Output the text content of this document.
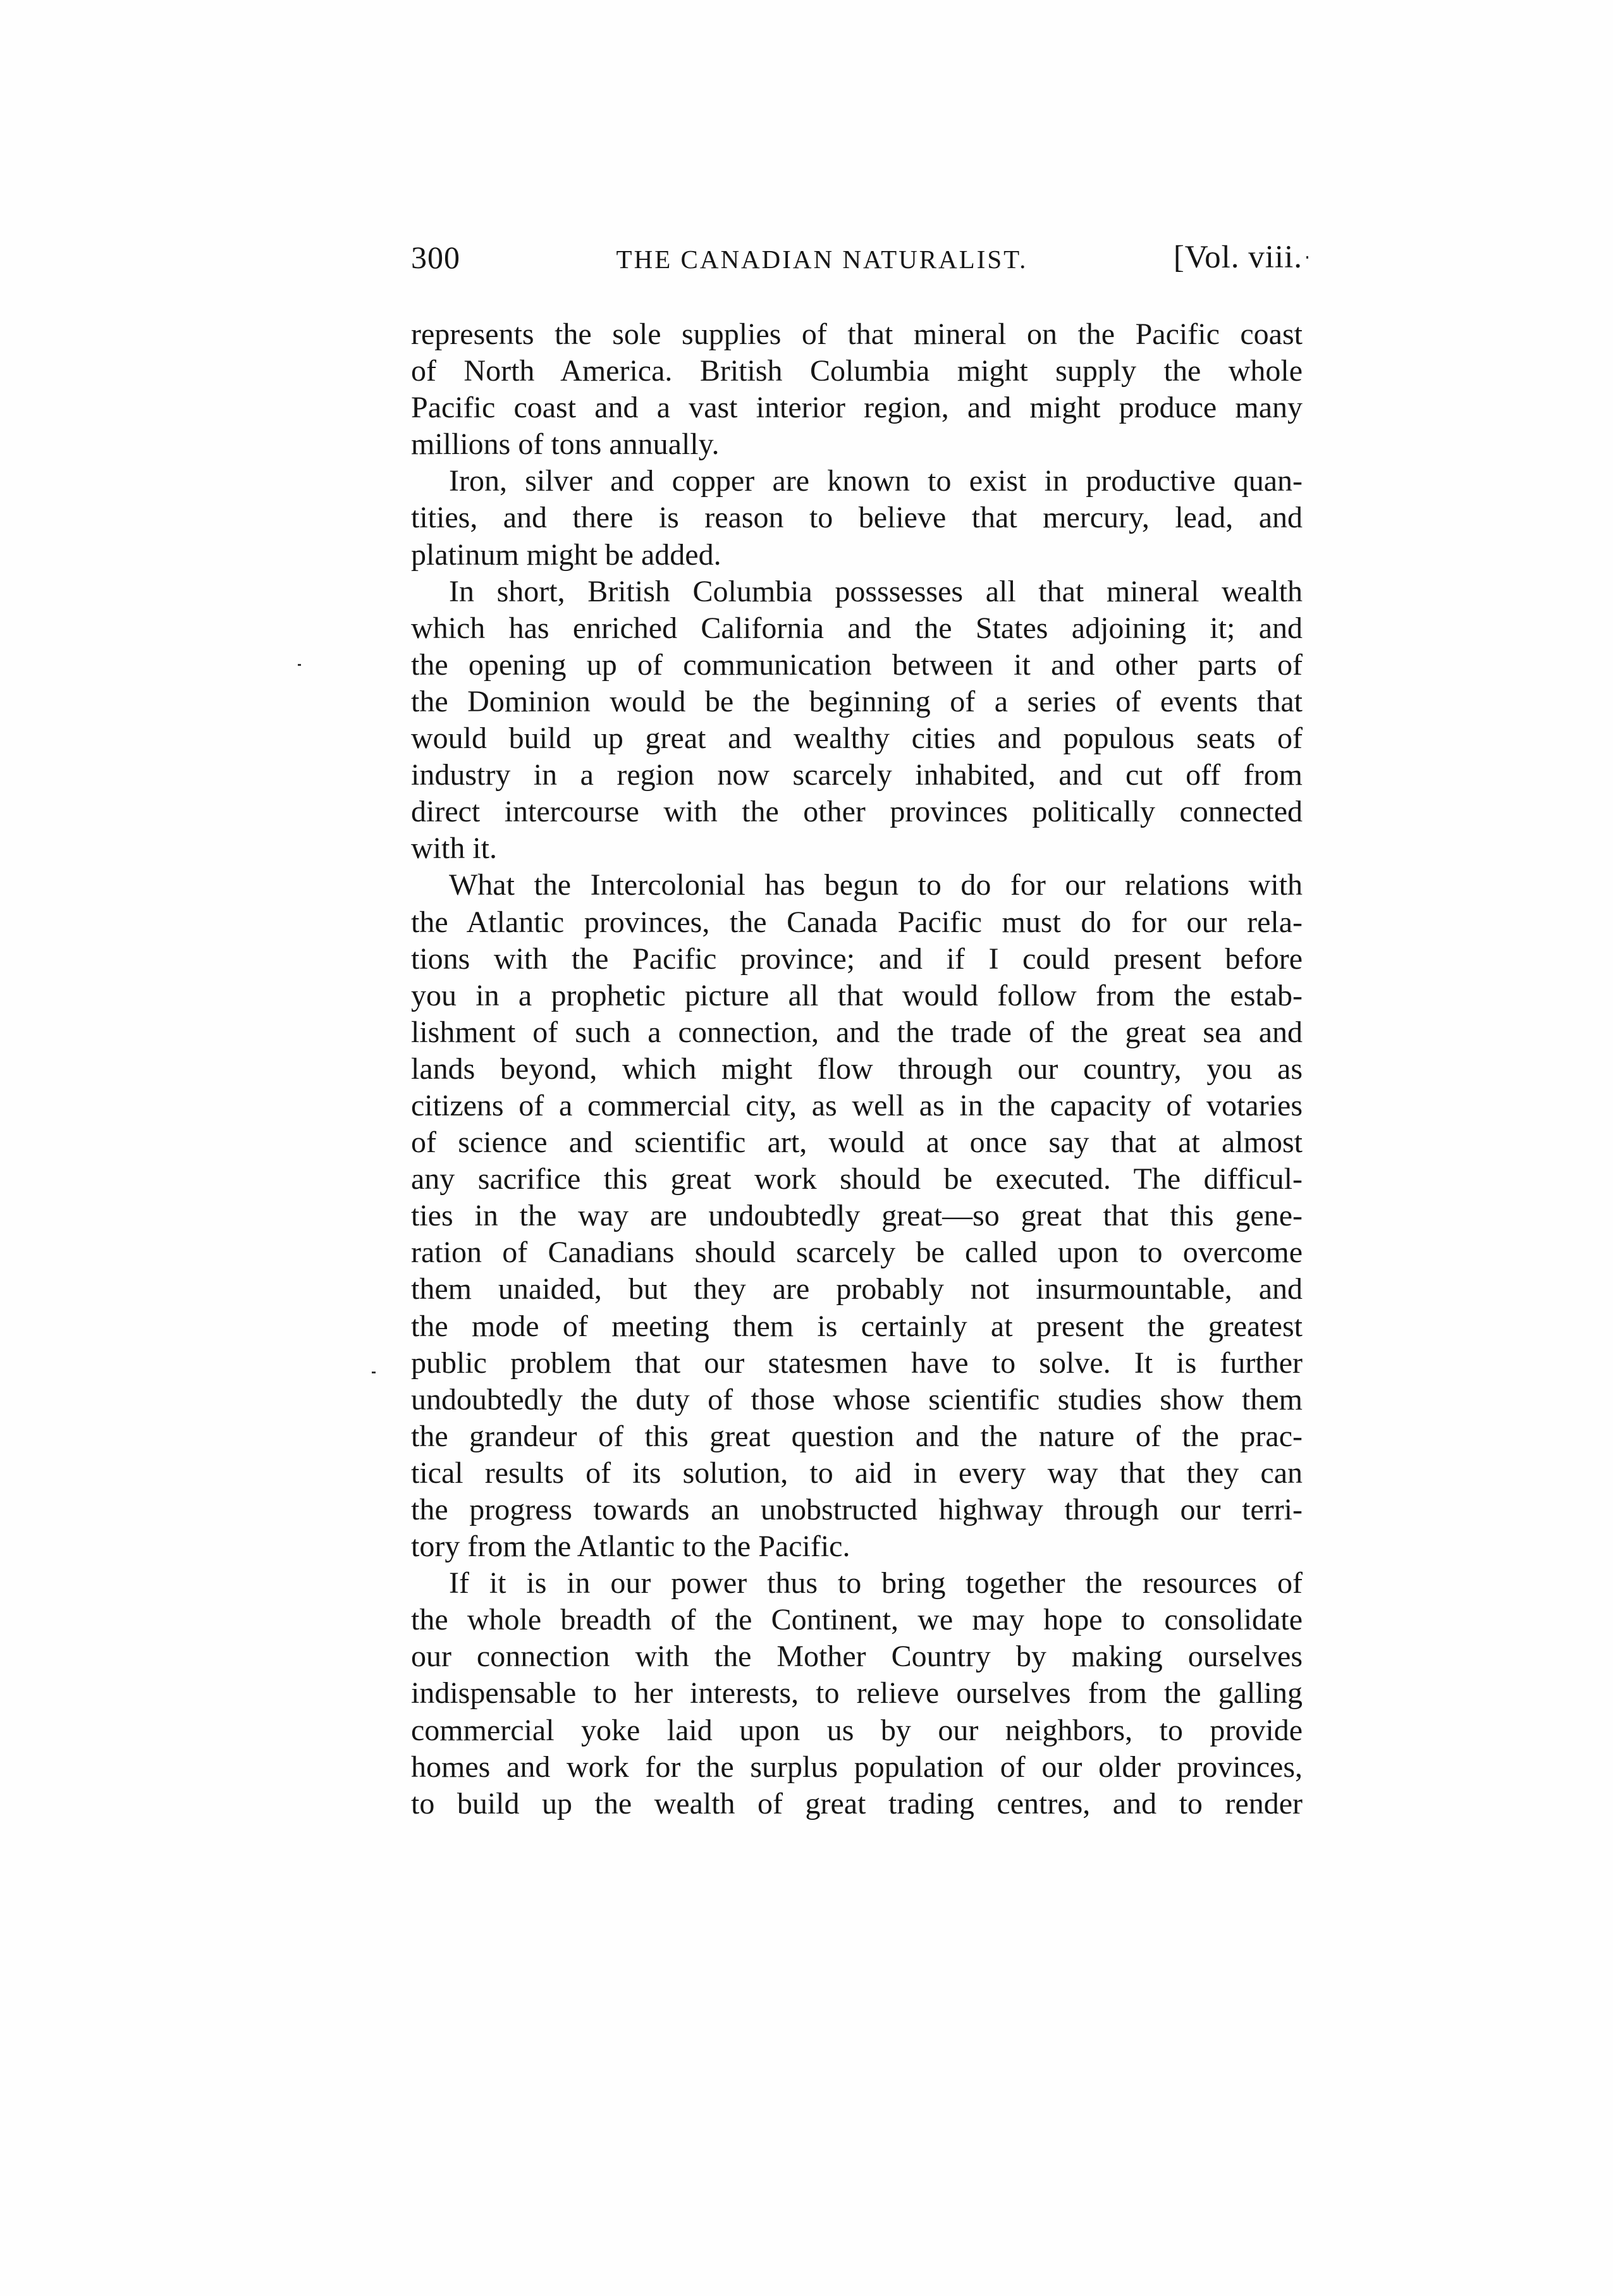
300	THE CANADIAN NATURALIST.	[Vol. viii.
represents the sole supplies of that mineral on the Pacific coast
of North America. British Columbia might supply the whole
Pacific coast and a vast interior region, and might produce many
millions of tons annually.
Iron, silver and copper are known to exist in productive quan-
tities, and there is reason to believe that mercury, lead, and
platinum might be added.
In short, British Columbia posssesses all that mineral wealth
which has enriched California and the States adjoining it; and
the opening up of communication between it and other parts of
the Dominion would be the beginning of a series of events that
would build up great and wealthy cities and populous seats of
industry in a region now scarcely inhabited, and cut off from
direct intercourse with the other provinces politically connected
with it.
What the Intercolonial has begun to do for our relations with
the Atlantic provinces, the Canada Pacific must do for our rela-
tions with the Pacific province; and if I could present before
you in a prophetic picture all that would follow from the estab-
lishment of such a connection, and the trade of the great sea and
lands beyond, which might flow through our country, you as
citizens of a commercial city, as well as in the capacity of votaries
of science and scientific art, would at once say that at almost
any sacrifice this great work should be executed. The difficul-
ties in the way are undoubtedly great—so great that this gene-
ration of Canadians should scarcely be called upon to overcome
them unaided, but they are probably not insurmountable, and
the mode of meeting them is certainly at present the greatest
public problem that our statesmen have to solve. It is further
undoubtedly the duty of those whose scientific studies show them
the grandeur of this great question and the nature of the prac-
tical results of its solution, to aid in every way that they can
the progress towards an unobstructed highway through our terri-
tory from the Atlantic to the Pacific.
If it is in our power thus to bring together the resources of
the whole breadth of the Continent, we may hope to consolidate
our connection with the Mother Country by making ourselves
indispensable to her interests, to relieve ourselves from the galling
commercial yoke laid upon us by our neighbors, to provide
homes and work for the surplus population of our older provinces,
to build up the wealth of great trading centres, and to render
